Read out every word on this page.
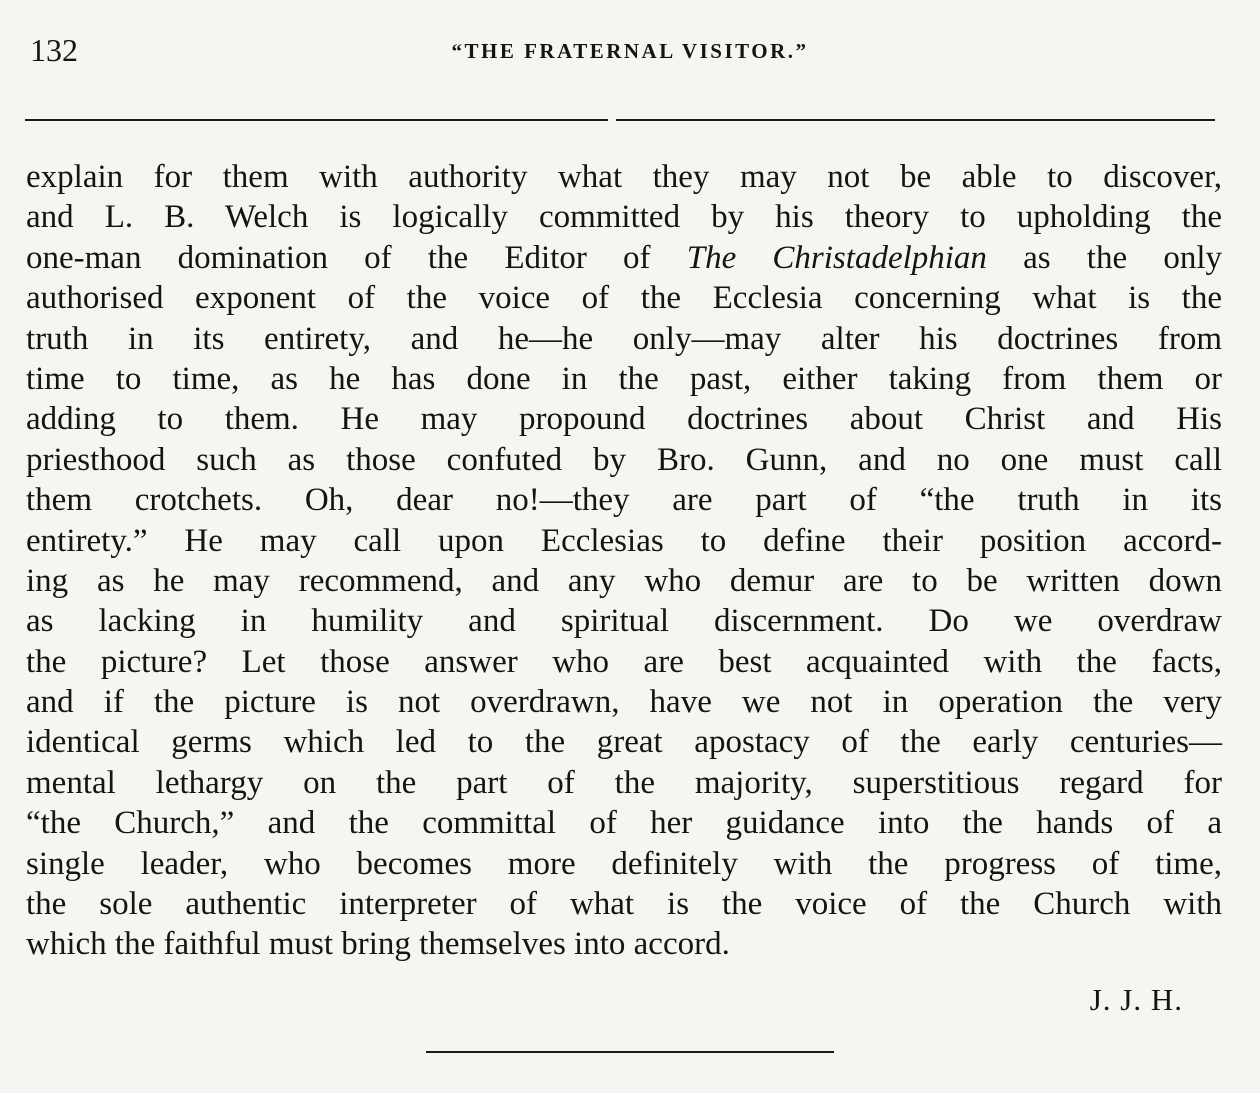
132	“THE FRATERNAL VISITOR.”
explain for them with authority what they may not be able to discover,
and L. B. Welch is logically committed by his theory to upholding the
one-man domination of the Editor of The Christadelphian as the only
authorised exponent of the voice of the Ecclesia concerning what is the
truth in its entirety, and he—he only—may alter his doctrines from
time to time, as he has done in the past, either taking from them or
adding to them. He may propound doctrines about Christ and His
priesthood such as those confuted by Bro. Gunn, and no one must call
them crotchets. Oh, dear no!—they are part of “the truth in its
entirety.” He may call upon Ecclesias to define their position accord-
ing as he may recommend, and any who demur are to be written down
as lacking in humility and spiritual discernment. Do we overdraw
the picture? Let those answer who are best acquainted with the facts,
and if the picture is not overdrawn, have we not in operation the very
identical germs which led to the great apostacy of the early centuries—
mental lethargy on the part of the majority, superstitious regard for
“the Church,” and the committal of her guidance into the hands of a
single leader, who becomes more definitely with the progress of time,
the sole authentic interpreter of what is the voice of the Church with
which the faithful must bring themselves into accord.
J. J. H.
